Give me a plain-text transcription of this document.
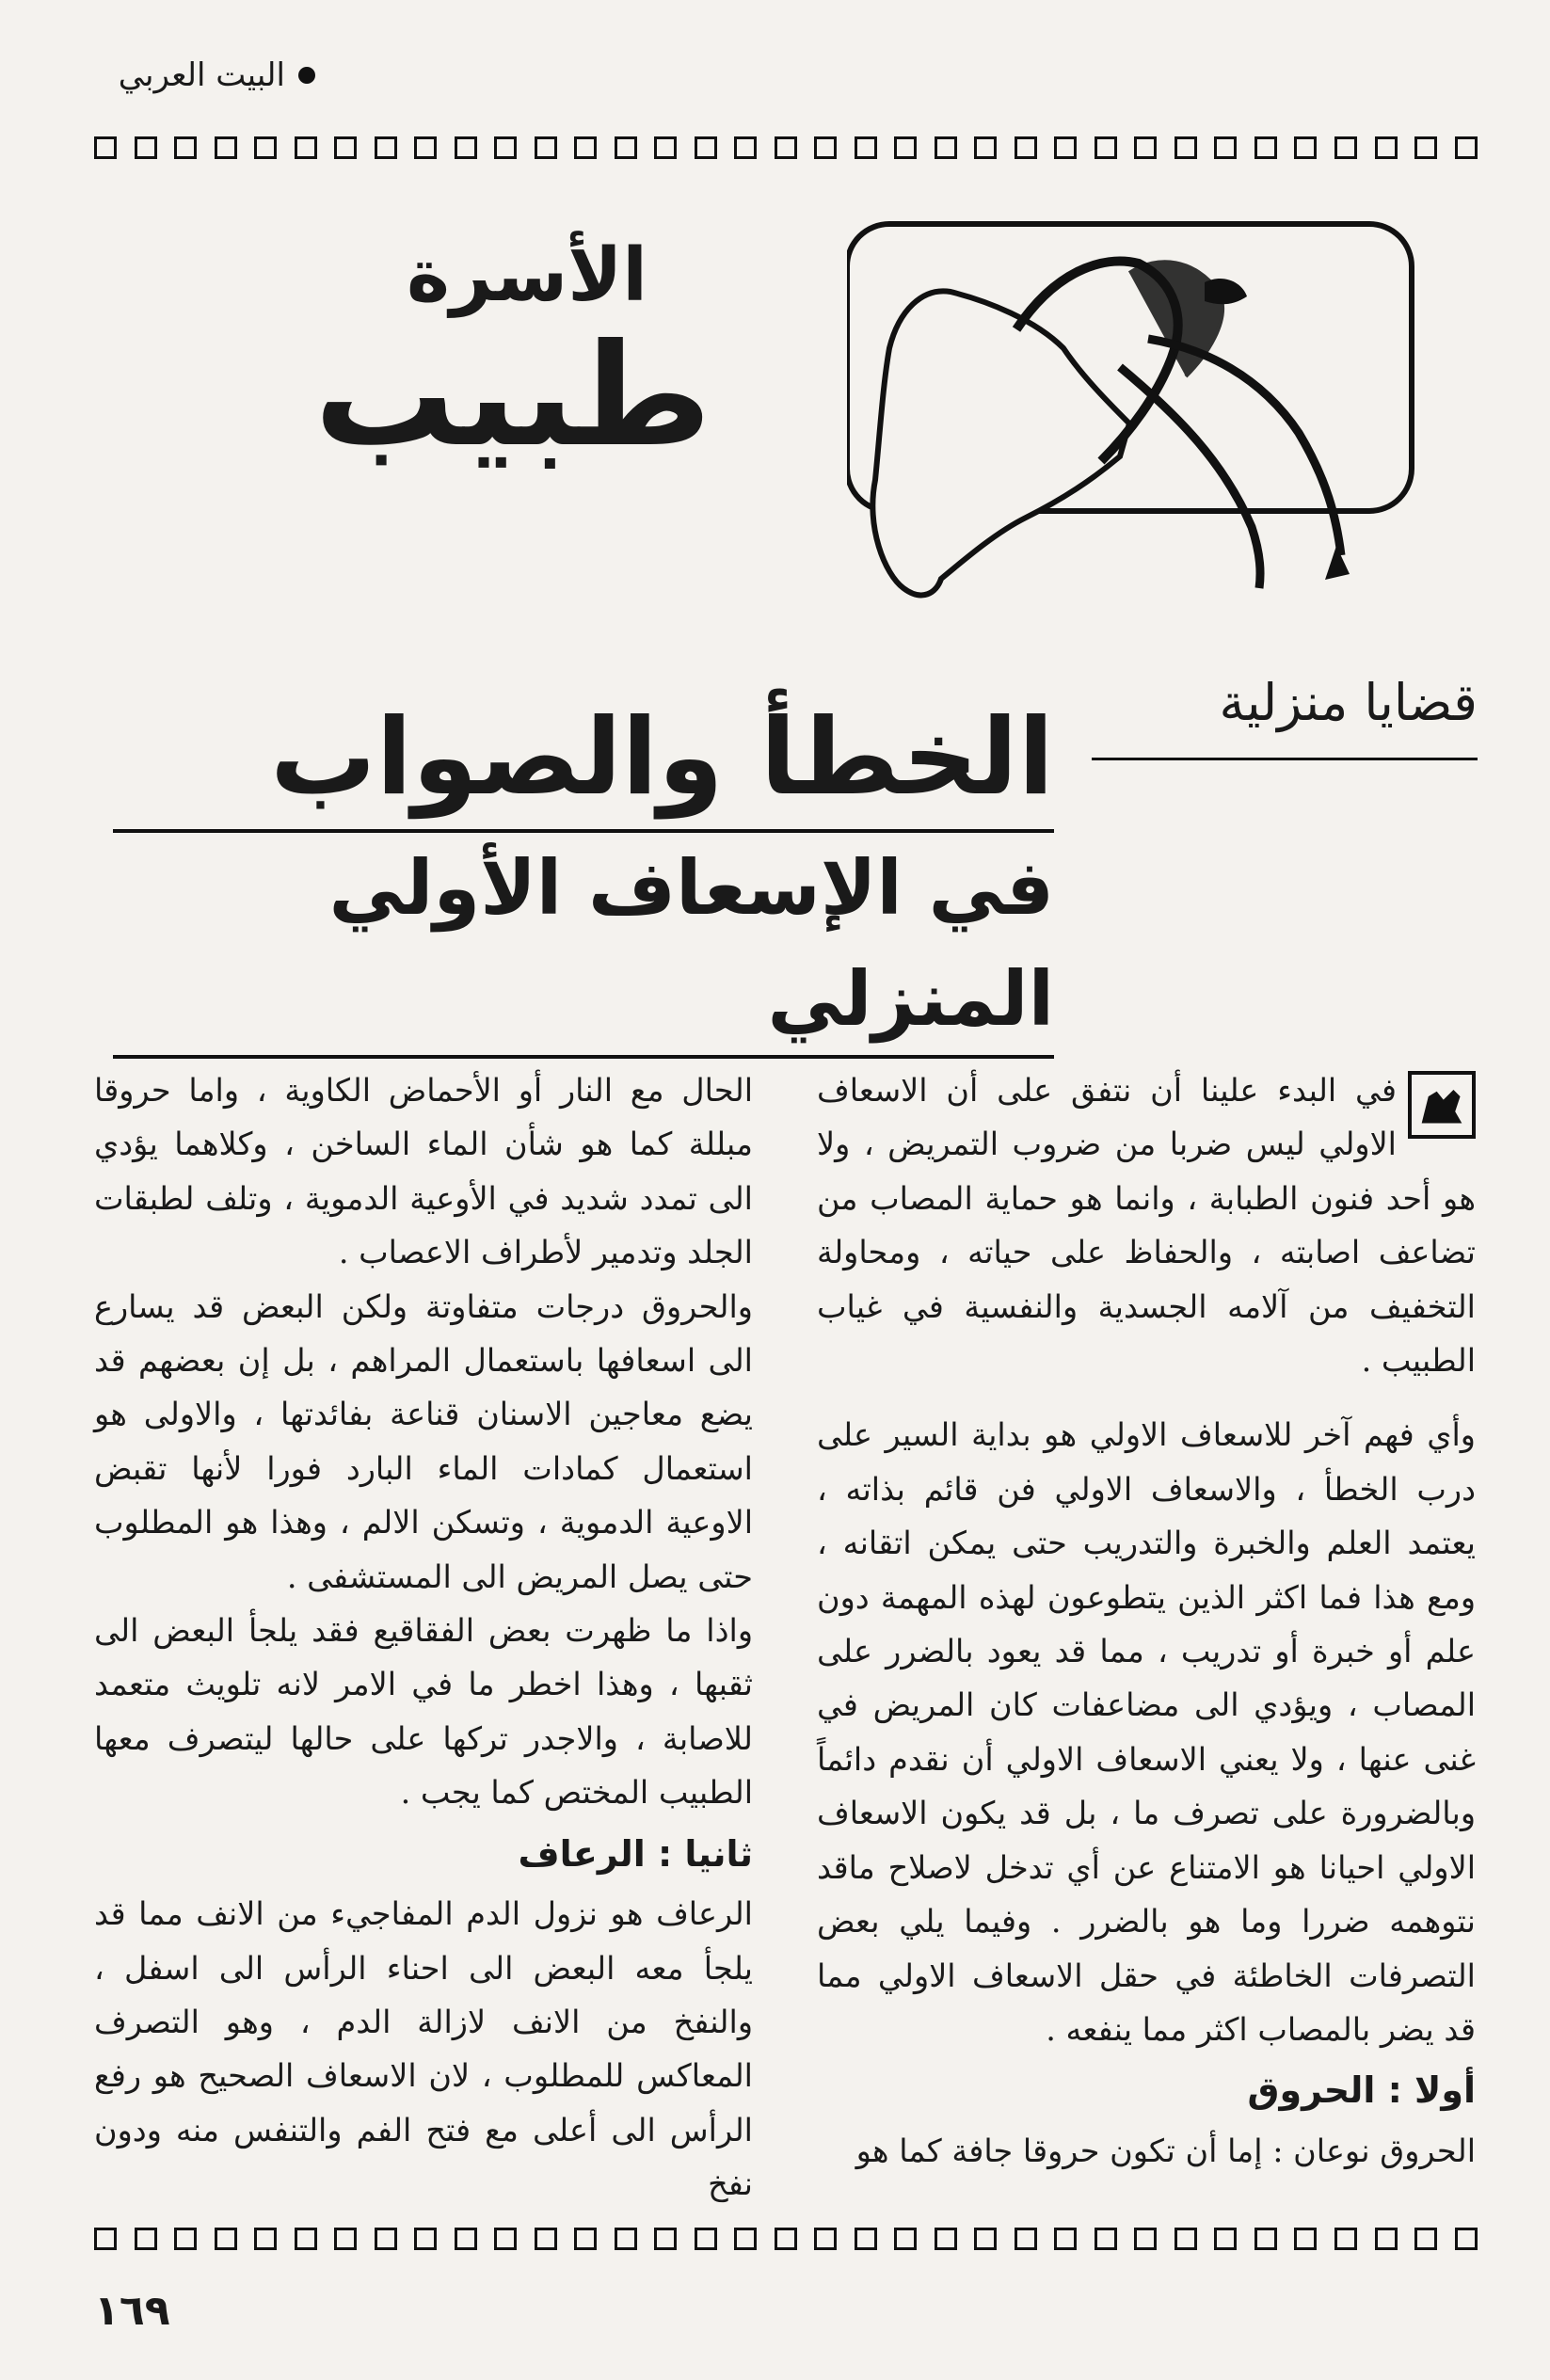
البيت العربي
الأسرة
طبيب
قضايا منزلية
الخطأ والصواب
في الإسعاف الأولي المنزلي

في البدء علينا أن نتفق على أن الاسعاف الاولي ليس ضربا من ضروب التمريض ، ولا هو أحد فنون الطبابة ، وانما هو حماية المصاب من تضاعف اصابته ، والحفاظ على حياته ، ومحاولة التخفيف من آلامه الجسدية والنفسية في غياب الطبيب .

وأي فهم آخر للاسعاف الاولي هو بداية السير على درب الخطأ ، والاسعاف الاولي فن قائم بذاته ، يعتمد العلم والخبرة والتدريب حتى يمكن اتقانه ، ومع هذا فما اكثر الذين يتطوعون لهذه المهمة دون علم أو خبرة أو تدريب ، مما قد يعود بالضرر على المصاب ، ويؤدي الى مضاعفات كان المريض في غنى عنها ، ولا يعني الاسعاف الاولي أن نقدم دائماً وبالضرورة على تصرف ما ، بل قد يكون الاسعاف الاولي احيانا هو الامتناع عن أي تدخل لاصلاح ماقد نتوهمه ضررا وما هو بالضرر . وفيما يلي بعض التصرفات الخاطئة في حقل الاسعاف الاولي مما قد يضر بالمصاب اكثر مما ينفعه .

أولا : الحروق

الحروق نوعان : إما أن تكون حروقا جافة كما هو

الحال مع النار أو الأحماض الكاوية ، واما حروقا مبللة كما هو شأن الماء الساخن ، وكلاهما يؤدي الى تمدد شديد في الأوعية الدموية ، وتلف لطبقات الجلد وتدمير لأطراف الاعصاب .

والحروق درجات متفاوتة ولكن البعض قد يسارع الى اسعافها باستعمال المراهم ، بل إن بعضهم قد يضع معاجين الاسنان قناعة بفائدتها ، والاولى هو استعمال كمادات الماء البارد فورا لأنها تقبض الاوعية الدموية ، وتسكن الالم ، وهذا هو المطلوب حتى يصل المريض الى المستشفى .

واذا ما ظهرت بعض الفقاقيع فقد يلجأ البعض الى ثقبها ، وهذا اخطر ما في الامر لانه تلويث متعمد للاصابة ، والاجدر تركها على حالها ليتصرف معها الطبيب المختص كما يجب .

ثانيا : الرعاف

الرعاف هو نزول الدم المفاجيء من الانف مما قد يلجأ معه البعض الى احناء الرأس الى اسفل ، والنفخ من الانف لازالة الدم ، وهو التصرف المعاكس للمطلوب ، لان الاسعاف الصحيح هو رفع الرأس الى أعلى مع فتح الفم والتنفس منه ودون نفخ

١٦٩
